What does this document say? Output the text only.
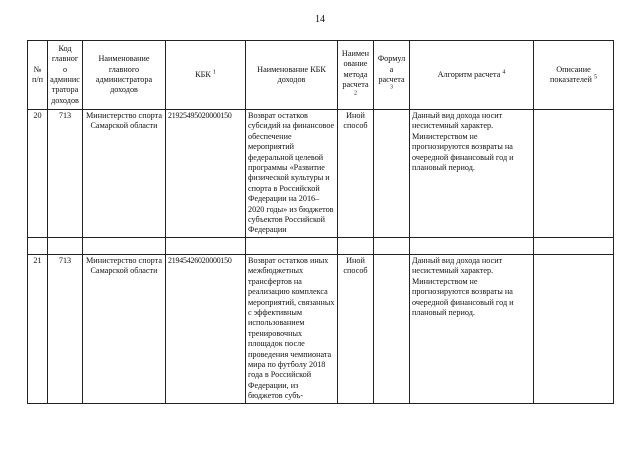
14
№ п/п	Код главного администратора доходов	Наименование главного администратора доходов	КБК $^1$	Наименование КБК доходов	Наименование метода расчета $^2$	Формула расчета $^3$	Алгоритм расчета $^4$	Описание показателей $^5$
20	713	Министерство спорта Самарской области	21925495020000150	Возврат остатков субсидий на финансовое обеспечение мероприятий федеральной целевой программы «Развитие физической культуры и спорта в Российской Федерации на 2016–2020 годы» из бюджетов субъектов Российской Федерации	Иной способ		Данный вид дохода носит несистемный характер.
Министерством не прогнозируются возвраты на очередной финансовый год и плановый период.	

21	713	Министерство спорта Самарской области	21945426020000150	Возврат остатков иных межбюджетных трансфертов на реализацию комплекса мероприятий, связанных с эффективным использованием тренировочных площадок после проведения чемпионата мира по футболу 2018 года в Российской Федерации, из бюджетов субъ-	Иной способ		Данный вид дохода носит несистемный характер.
Министерством не прогнозируются возвраты на очередной финансовый год и плановый период.	
